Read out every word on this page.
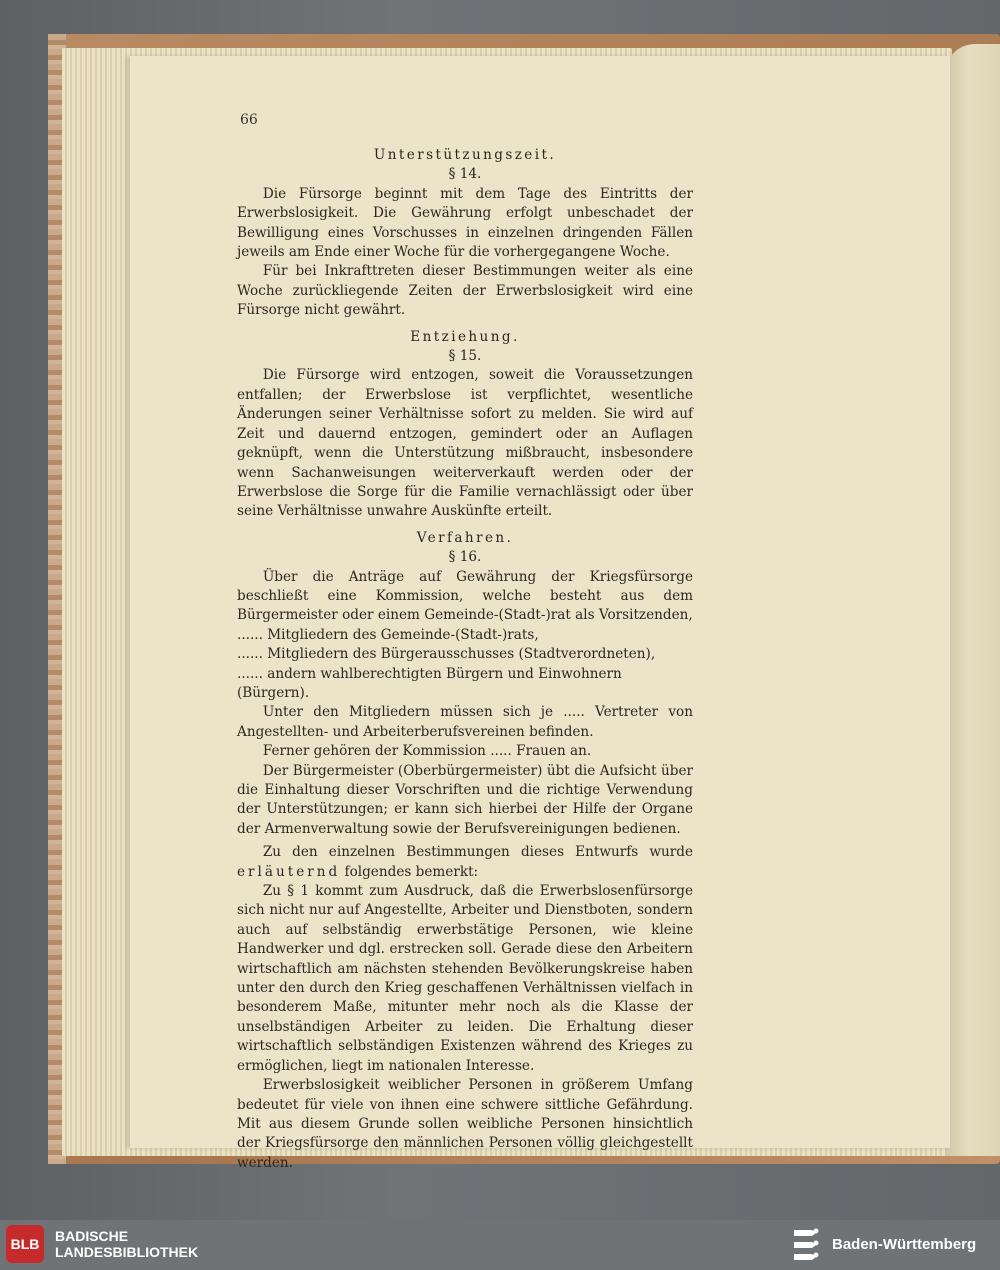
66

Unterstützungszeit.

§ 14.

Die Fürsorge beginnt mit dem Tage des Eintritts der Erwerbslosigkeit. Die Gewährung erfolgt unbeschadet der Bewilligung eines Vorschusses in einzelnen dringenden Fällen jeweils am Ende einer Woche für die vorhergegangene Woche.

Für bei Inkrafttreten dieser Bestimmungen weiter als eine Woche zurückliegende Zeiten der Erwerbslosigkeit wird eine Fürsorge nicht gewährt.

Entziehung.

§ 15.

Die Fürsorge wird entzogen, soweit die Voraussetzungen entfallen; der Erwerbslose ist verpflichtet, wesentliche Änderungen seiner Verhältnisse sofort zu melden. Sie wird auf Zeit und dauernd entzogen, gemindert oder an Auflagen geknüpft, wenn die Unterstützung mißbraucht, insbesondere wenn Sachanweisungen weiterverkauft werden oder der Erwerbslose die Sorge für die Familie vernachlässigt oder über seine Verhältnisse unwahre Auskünfte erteilt.

Verfahren.

§ 16.

Über die Anträge auf Gewährung der Kriegsfürsorge beschließt eine Kommission, welche besteht aus dem Bürgermeister oder einem Gemeinde-(Stadt-)rat als Vorsitzenden,

...... Mitgliedern des Gemeinde-(Stadt-)rats,

...... Mitgliedern des Bürgerausschusses (Stadtverordneten),

...... andern wahlberechtigten Bürgern und Einwohnern (Bürgern).

Unter den Mitgliedern müssen sich je ..... Vertreter von Angestellten- und Arbeiterberufsvereinen befinden.

Ferner gehören der Kommission ..... Frauen an.

Der Bürgermeister (Oberbürgermeister) übt die Aufsicht über die Einhaltung dieser Vorschriften und die richtige Verwendung der Unterstützungen; er kann sich hierbei der Hilfe der Organe der Armenverwaltung sowie der Berufsvereinigungen bedienen.

Zu den einzelnen Bestimmungen dieses Entwurfs wurde erläuternd folgendes bemerkt:

Zu § 1 kommt zum Ausdruck, daß die Erwerbslosenfürsorge sich nicht nur auf Angestellte, Arbeiter und Dienstboten, sondern auch auf selbständig erwerbstätige Personen, wie kleine Handwerker und dgl. erstrecken soll. Gerade diese den Arbeitern wirtschaftlich am nächsten stehenden Bevölkerungskreise haben unter den durch den Krieg geschaffenen Verhältnissen vielfach in besonderem Maße, mitunter mehr noch als die Klasse der unselbständigen Arbeiter zu leiden. Die Erhaltung dieser wirtschaftlich selbständigen Existenzen während des Krieges zu ermöglichen, liegt im nationalen Interesse.

Erwerbslosigkeit weiblicher Personen in größerem Umfang bedeutet für viele von ihnen eine schwere sittliche Gefährdung. Mit aus diesem Grunde sollen weibliche Personen hinsichtlich der Kriegsfürsorge den männlichen Personen völlig gleichgestellt werden.

BLB	BADISCHE
LANDESBIBLIOTHEK	Baden-Württemberg
